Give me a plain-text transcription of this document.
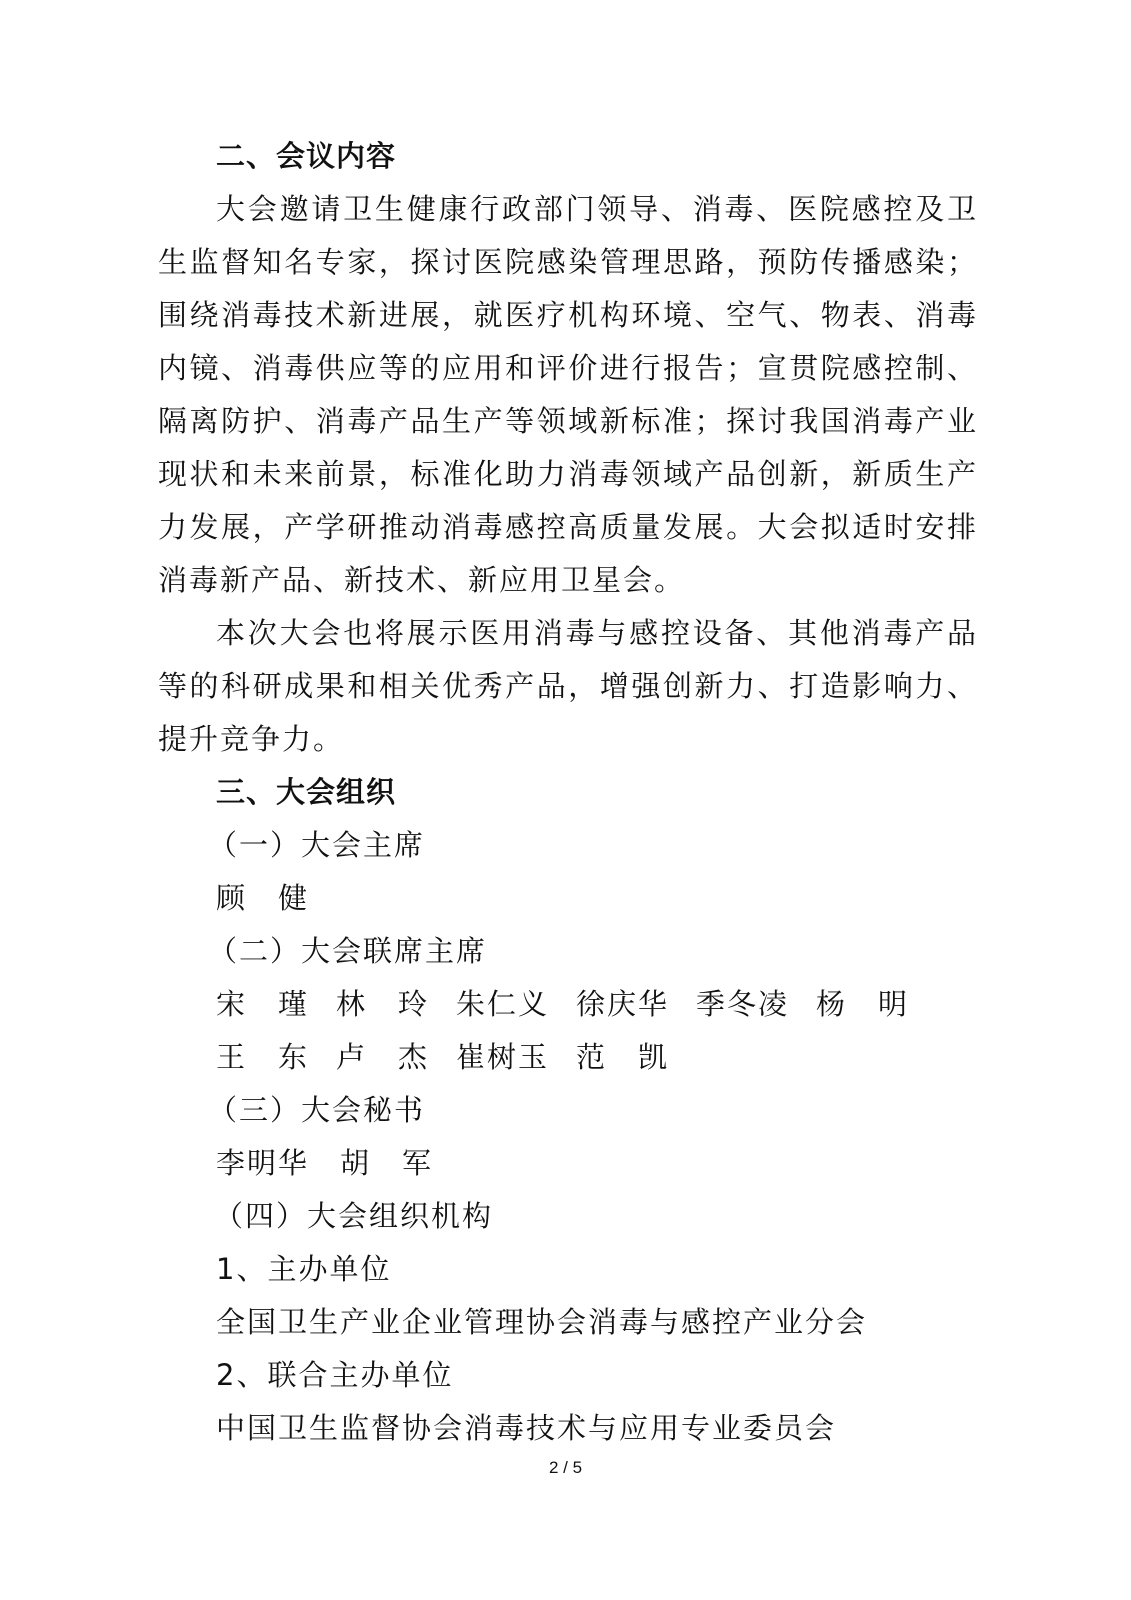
二、会议内容

大会邀请卫生健康行政部门领导、消毒、医院感控及卫生监督知名专家，探讨医院感染管理思路，预防传播感染；围绕消毒技术新进展，就医疗机构环境、空气、物表、消毒内镜、消毒供应等的应用和评价进行报告；宣贯院感控制、隔离防护、消毒产品生产等领域新标准；探讨我国消毒产业现状和未来前景，标准化助力消毒领域产品创新，新质生产力发展，产学研推动消毒感控高质量发展。大会拟适时安排消毒新产品、新技术、新应用卫星会。

本次大会也将展示医用消毒与感控设备、其他消毒产品等的科研成果和相关优秀产品，增强创新力、打造影响力、提升竞争力。

三、大会组织

（一）大会主席

顾　健

（二）大会联席主席

宋　瑾 林　玲 朱仁义 徐庆华 季冬凌 杨　明
王　东 卢　杰 崔树玉 范　凯

（三）大会秘书

李明华　胡　军

（四）大会组织机构

1、主办单位

全国卫生产业企业管理协会消毒与感控产业分会

2、联合主办单位

中国卫生监督协会消毒技术与应用专业委员会

2 / 5
